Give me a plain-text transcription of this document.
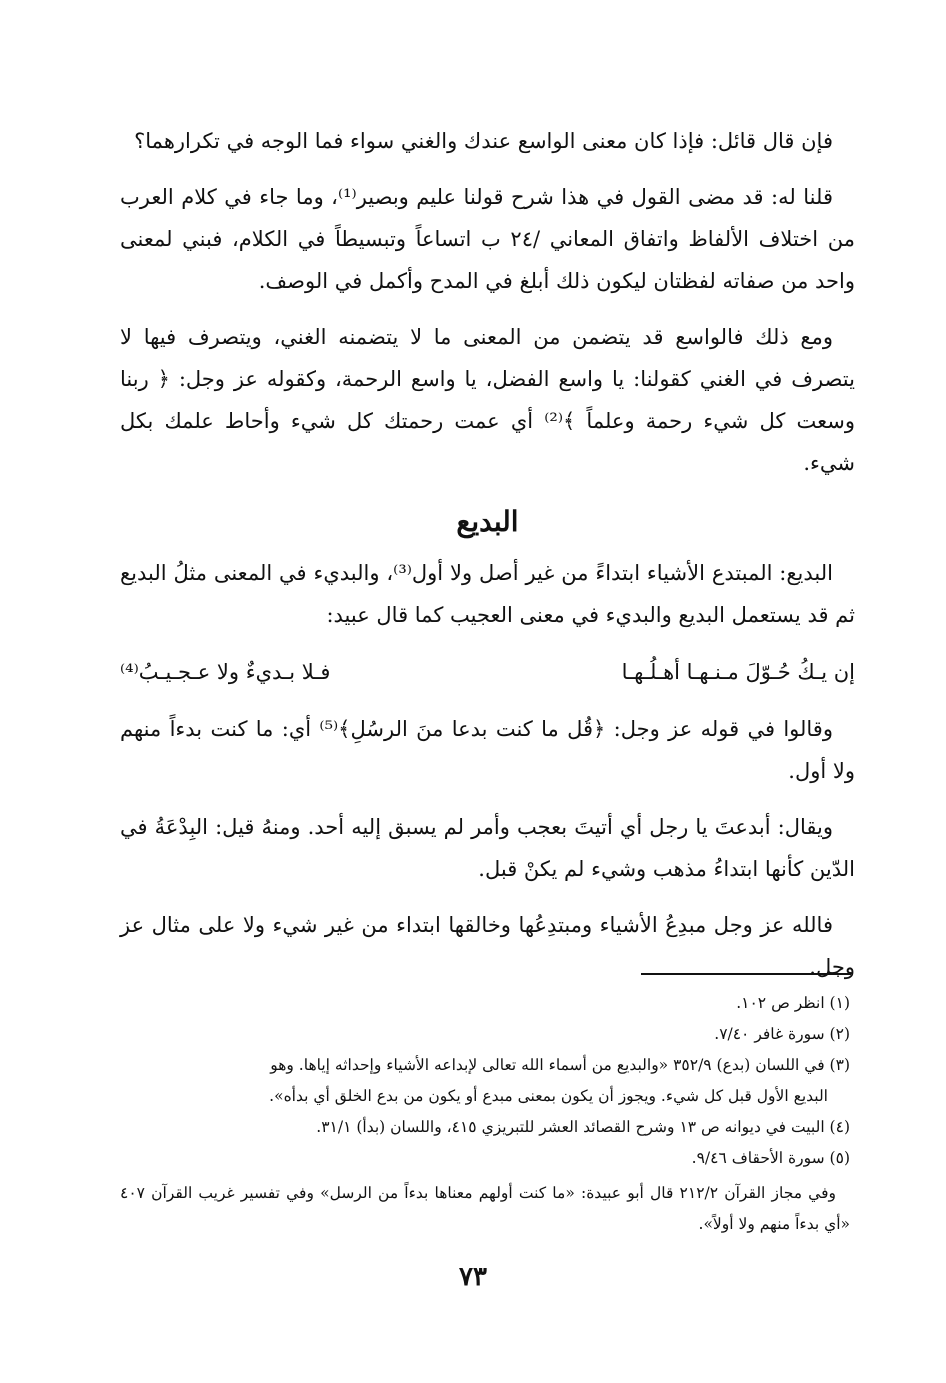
فإن قال قائل: فإذا كان معنى الواسع عندك والغني سواء فما الوجه في تكرارهما؟

قلنا له: قد مضى القول في هذا شرح قولنا عليم وبصير⁽¹⁾، وما جاء في كلام العرب من اختلاف الألفاظ واتفاق المعاني /٢٤ ب اتساعاً وتبسيطاً في الكلام، فبني لمعنى واحد من صفاته لفظتان ليكون ذلك أبلغ في المدح وأكمل في الوصف.

ومع ذلك فالواسع قد يتضمن من المعنى ما لا يتضمنه الغني، ويتصرف فيها لا يتصرف في الغني كقولنا: يا واسع الفضل، يا واسع الرحمة، وكقوله عز وجل: ﴿ ربنا وسعت كل شيء رحمة وعلماً ﴾⁽²⁾ أي عمت رحمتك كل شيء وأحاط علمك بكل شيء.

البديع

البديع: المبتدع الأشياء ابتداءً من غير أصل ولا أول⁽³⁾، والبديء في المعنى مثلُ البديع ثم قد يستعمل البديع والبديء في معنى العجيب كما قال عبيد:

إن يـكُ حُـوّلَ مـنـهـا أهـلُـهـا
فـلا بـديءٌ ولا عـجـيـبُ⁽⁴⁾

وقالوا في قوله عز وجل: ﴿قُل ما كنت بدعا منَ الرسُلِ﴾⁽⁵⁾ أي: ما كنت بدءاً منهم ولا أول.

ويقال: أبدعتَ يا رجل أي أتيتَ بعجب وأمر لم يسبق إليه أحد. ومنهُ قيل: البِدْعَةُ في الدّين كأنها ابتداءُ مذهب وشيء لم يكنْ قبل.

فالله عز وجل مبدِعُ الأشياء ومبتدِعُها وخالقها ابتداء من غير شيء ولا على مثال عز وجل.

(١) انظر ص ١٠٢.

(٢) سورة غافر ٧/٤٠.

(٣) في اللسان (بدع) ٣٥٢/٩ «والبديع من أسماء الله تعالى لإبداعه الأشياء وإحداثه إياها. وهو

البديع الأول قبل كل شيء. ويجوز أن يكون بمعنى مبدع أو يكون من بدع الخلق أي بدأه».

(٤) البيت في ديوانه ص ١٣ وشرح القصائد العشر للتبريزي ٤١٥، واللسان (بدأ) ٣١/١.

(٥) سورة الأحقاف ٩/٤٦.

وفي مجاز القرآن ٢١٢/٢ قال أبو عبيدة: «ما كنت أولهم معناها بدءاً من الرسل» وفي تفسير غريب القرآن ٤٠٧ «أي بدءاً منهم ولا أولاً».

٧٣
